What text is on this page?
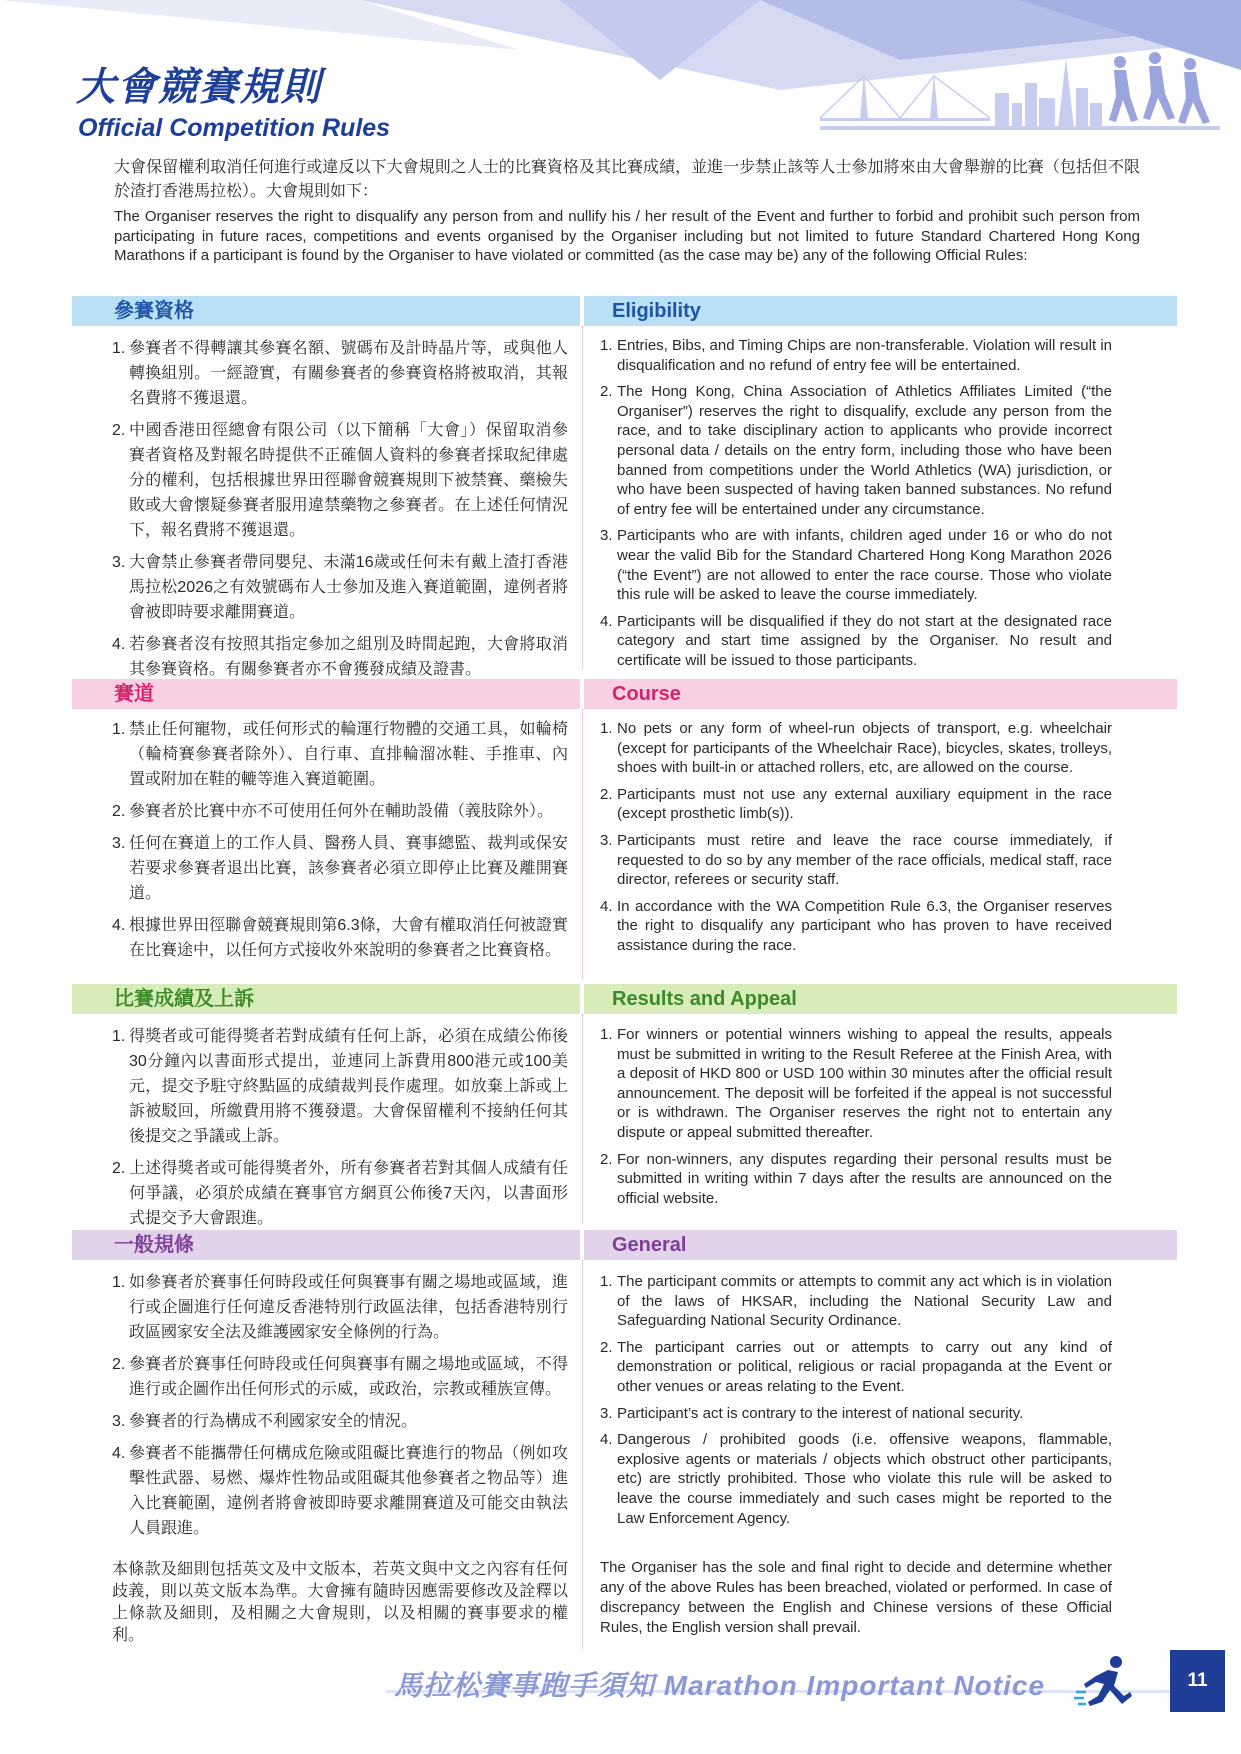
大會競賽規則
Official Competition Rules

大會保留權利取消任何進行或違反以下大會規則之人士的比賽資格及其比賽成績，並進一步禁止該等人士參加將來由大會舉辦的比賽（包括但不限於渣打香港馬拉松）。大會規則如下：

The Organiser reserves the right to disqualify any person from and nullify his / her result of the Event and further to forbid and prohibit such person from participating in future races, competitions and events organised by the Organiser including but not limited to future Standard Chartered Hong Kong Marathons if a participant is found by the Organiser to have violated or committed (as the case may be) any of the following Official Rules:

參賽資格	Eligibility
1. 參賽者不得轉讓其參賽名額、號碼布及計時晶片等，或與他人轉換組別。一經證實，有關參賽者的參賽資格將被取消，其報名費將不獲退還。
2. 中國香港田徑總會有限公司（以下簡稱「大會」）保留取消參賽者資格及對報名時提供不正確個人資料的參賽者採取紀律處分的權利，包括根據世界田徑聯會競賽規則下被禁賽、藥檢失敗或大會懷疑參賽者服用違禁藥物之參賽者。在上述任何情況下，報名費將不獲退還。
3. 大會禁止參賽者帶同嬰兒、未滿16歲或任何未有戴上渣打香港馬拉松2026之有效號碼布人士參加及進入賽道範圍，違例者將會被即時要求離開賽道。
4. 若參賽者沒有按照其指定參加之組別及時間起跑，大會將取消其參賽資格。有關參賽者亦不會獲發成績及證書。
1. Entries, Bibs, and Timing Chips are non-transferable. Violation will result in disqualification and no refund of entry fee will be entertained.
2. The Hong Kong, China Association of Athletics Affiliates Limited (“the Organiser”) reserves the right to disqualify, exclude any person from the race, and to take disciplinary action to applicants who provide incorrect personal data / details on the entry form, including those who have been banned from competitions under the World Athletics (WA) jurisdiction, or who have been suspected of having taken banned substances. No refund of entry fee will be entertained under any circumstance.
3. Participants who are with infants, children aged under 16 or who do not wear the valid Bib for the Standard Chartered Hong Kong Marathon 2026 (“the Event”) are not allowed to enter the race course. Those who violate this rule will be asked to leave the course immediately.
4. Participants will be disqualified if they do not start at the designated race category and start time assigned by the Organiser. No result and certificate will be issued to those participants.
賽道	Course
1. 禁止任何寵物，或任何形式的輪運行物體的交通工具，如輪椅（輪椅賽參賽者除外）、自行車、直排輪溜冰鞋、手推車、內置或附加在鞋的轆等進入賽道範圍。
2. 參賽者於比賽中亦不可使用任何外在輔助設備（義肢除外）。
3. 任何在賽道上的工作人員、醫務人員、賽事總監、裁判或保安若要求參賽者退出比賽，該參賽者必須立即停止比賽及離開賽道。
4. 根據世界田徑聯會競賽規則第6.3條，大會有權取消任何被證實在比賽途中，以任何方式接收外來說明的參賽者之比賽資格。
1. No pets or any form of wheel-run objects of transport, e.g. wheelchair (except for participants of the Wheelchair Race), bicycles, skates, trolleys, shoes with built-in or attached rollers, etc, are allowed on the course.
2. Participants must not use any external auxiliary equipment in the race (except prosthetic limb(s)).
3. Participants must retire and leave the race course immediately, if requested to do so by any member of the race officials, medical staff, race director, referees or security staff.
4. In accordance with the WA Competition Rule 6.3, the Organiser reserves the right to disqualify any participant who has proven to have received assistance during the race.
比賽成績及上訴	Results and Appeal
1. 得獎者或可能得獎者若對成績有任何上訴，必須在成績公佈後30分鐘內以書面形式提出，並連同上訴費用800港元或100美元，提交予駐守終點區的成績裁判長作處理。如放棄上訴或上訴被駁回，所繳費用將不獲發還。大會保留權利不接納任何其後提交之爭議或上訴。
2. 上述得獎者或可能得獎者外，所有參賽者若對其個人成績有任何爭議，必須於成績在賽事官方網頁公佈後7天內，以書面形式提交予大會跟進。
1. For winners or potential winners wishing to appeal the results, appeals must be submitted in writing to the Result Referee at the Finish Area, with a deposit of HKD 800 or USD 100 within 30 minutes after the official result announcement. The deposit will be forfeited if the appeal is not successful or is withdrawn. The Organiser reserves the right not to entertain any dispute or appeal submitted thereafter.
2. For non-winners, any disputes regarding their personal results must be submitted in writing within 7 days after the results are announced on the official website.
一般規條	General
1. 如參賽者於賽事任何時段或任何與賽事有關之場地或區域，進行或企圖進行任何違反香港特別行政區法律，包括香港特別行政區國家安全法及維護國家安全條例的行為。
2. 參賽者於賽事任何時段或任何與賽事有關之場地或區域，不得進行或企圖作出任何形式的示威，或政治，宗教或種族宣傳。
3. 參賽者的行為構成不利國家安全的情況。
4. 參賽者不能攜帶任何構成危險或阻礙比賽進行的物品（例如攻擊性武器、易燃、爆炸性物品或阻礙其他參賽者之物品等）進入比賽範圍，違例者將會被即時要求離開賽道及可能交由執法人員跟進。

本條款及細則包括英文及中文版本，若英文與中文之內容有任何歧義，則以英文版本為準。大會擁有隨時因應需要修改及詮釋以上條款及細則，及相關之大會規則，以及相關的賽事要求的權利。

1. The participant commits or attempts to commit any act which is in violation of the laws of HKSAR, including the National Security Law and Safeguarding National Security Ordinance.
2. The participant carries out or attempts to carry out any kind of demonstration or political, religious or racial propaganda at the Event or other venues or areas relating to the Event.
3. Participant’s act is contrary to the interest of national security.
4. Dangerous / prohibited goods (i.e. offensive weapons, flammable, explosive agents or materials / objects which obstruct other participants, etc) are strictly prohibited. Those who violate this rule will be asked to leave the course immediately and such cases might be reported to the Law Enforcement Agency.

The Organiser has the sole and final right to decide and determine whether any of the above Rules has been breached, violated or performed. In case of discrepancy between the English and Chinese versions of these Official Rules, the English version shall prevail.

馬拉松賽事跑手須知 Marathon Important Notice	11
